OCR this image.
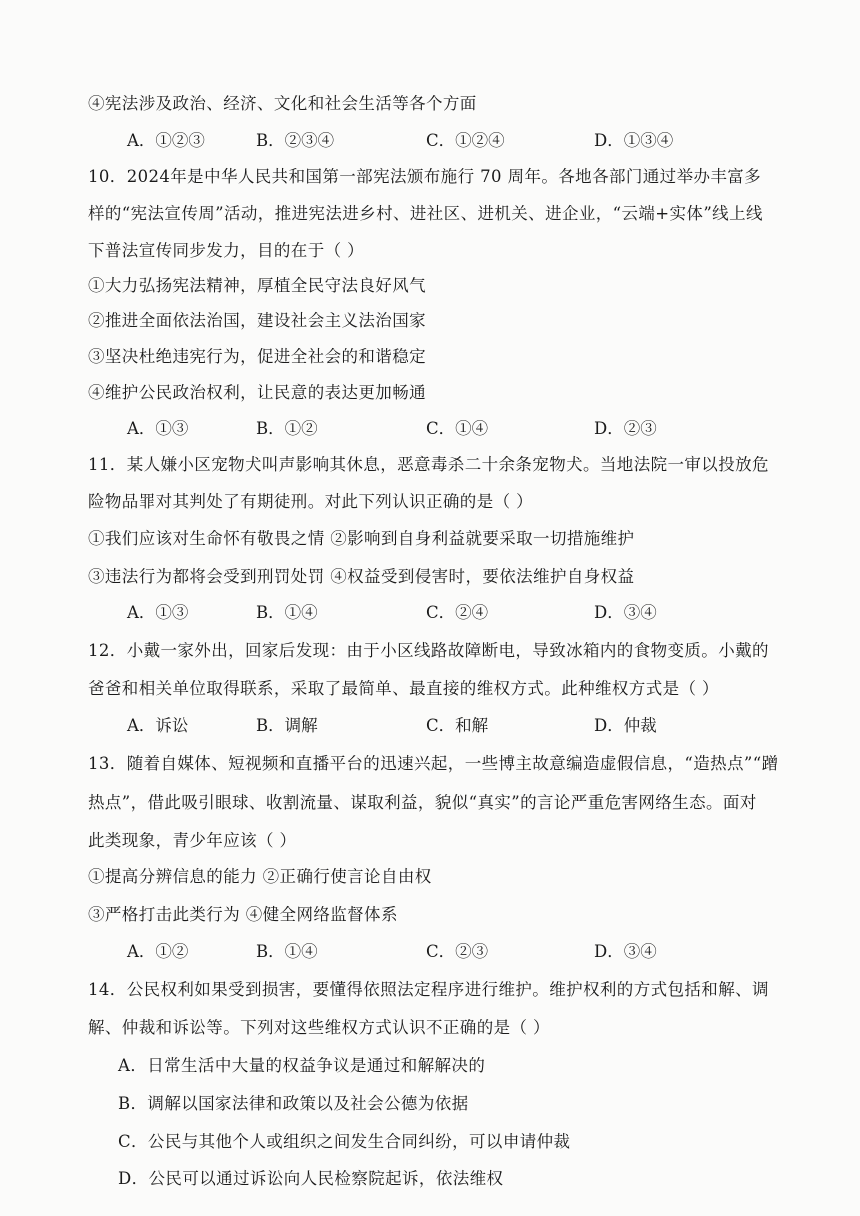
④宪法涉及政治、经济、文化和社会生活等各个方面
A．①②③	B．②③④	C．①②④	D．①③④
10．2024年是中华人民共和国第一部宪法颁布施行 70 周年。各地各部门通过举办丰富多
样的“宪法宣传周”活动，推进宪法进乡村、进社区、进机关、进企业，“云端+实体”线上线
下普法宣传同步发力，目的在于（ ）
①大力弘扬宪法精神，厚植全民守法良好风气
②推进全面依法治国，建设社会主义法治国家
③坚决杜绝违宪行为，促进全社会的和谐稳定
④维护公民政治权利，让民意的表达更加畅通
A．①③	B．①②	C．①④	D．②③
11．某人嫌小区宠物犬叫声影响其休息，恶意毒杀二十余条宠物犬。当地法院一审以投放危
险物品罪对其判处了有期徒刑。对此下列认识正确的是（ ）
①我们应该对生命怀有敬畏之情 ②影响到自身利益就要采取一切措施维护
③违法行为都将会受到刑罚处罚 ④权益受到侵害时，要依法维护自身权益
A．①③	B．①④	C．②④	D．③④
12．小戴一家外出，回家后发现：由于小区线路故障断电，导致冰箱内的食物变质。小戴的
爸爸和相关单位取得联系，采取了最简单、最直接的维权方式。此种维权方式是（ ）
A．诉讼	B．调解	C．和解	D．仲裁
13．随着自媒体、短视频和直播平台的迅速兴起，一些博主故意编造虚假信息，“造热点”“蹭
热点”，借此吸引眼球、收割流量、谋取利益，貌似“真实”的言论严重危害网络生态。面对
此类现象，青少年应该（ ）
①提高分辨信息的能力 ②正确行使言论自由权
③严格打击此类行为 ④健全网络监督体系
A．①②	B．①④	C．②③	D．③④
14．公民权利如果受到损害，要懂得依照法定程序进行维护。维护权利的方式包括和解、调
解、仲裁和诉讼等。下列对这些维权方式认识不正确的是（ ）
A．日常生活中大量的权益争议是通过和解解决的
B．调解以国家法律和政策以及社会公德为依据
C．公民与其他个人或组织之间发生合同纠纷，可以申请仲裁
D．公民可以通过诉讼向人民检察院起诉，依法维权
